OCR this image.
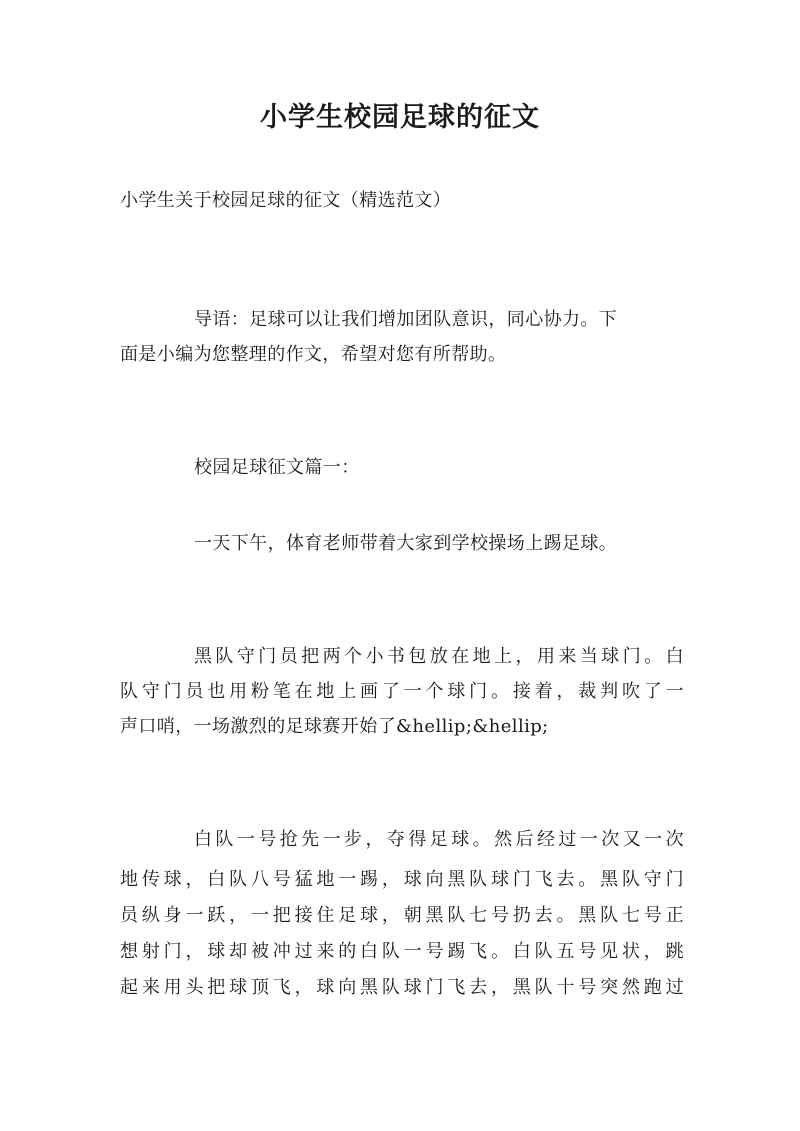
小学生校园足球的征文
小学生关于校园足球的征文（精选范文）
导语：足球可以让我们增加团队意识，同心协力。下
面是小编为您整理的作文，希望对您有所帮助。
校园足球征文篇一：
一天下午，体育老师带着大家到学校操场上踢足球。
黑队守门员把两个小书包放在地上，用来当球门。白
队守门员也用粉笔在地上画了一个球门。接着，裁判吹了一
声口哨，一场激烈的足球赛开始了&hellip;&hellip;
白队一号抢先一步，夺得足球。然后经过一次又一次
地传球，白队八号猛地一踢，球向黑队球门飞去。黑队守门
员纵身一跃，一把接住足球，朝黑队七号扔去。黑队七号正
想射门，球却被冲过来的白队一号踢飞。白队五号见状，跳
起来用头把球顶飞，球向黑队球门飞去，黑队十号突然跑过
